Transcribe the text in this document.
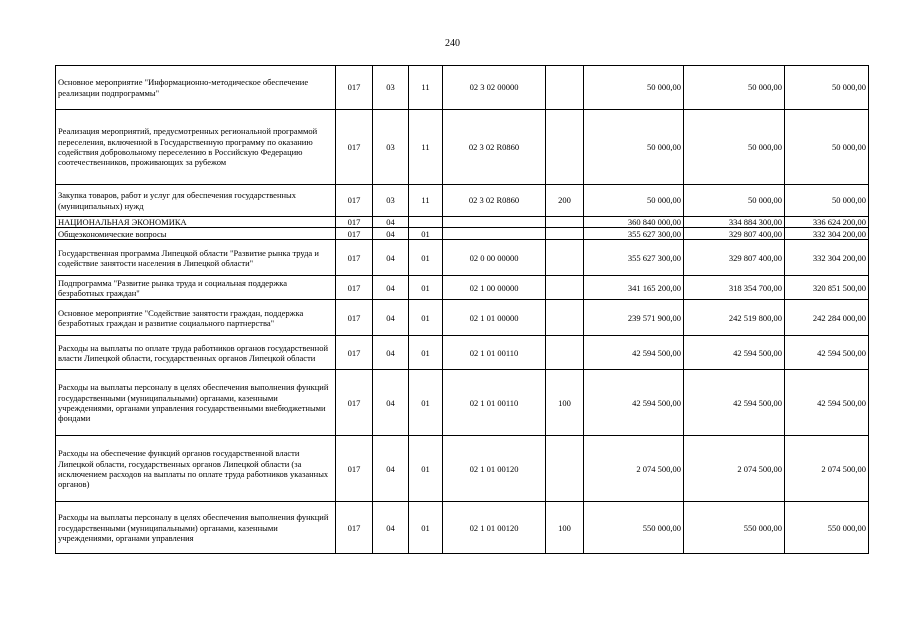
240
Основное мероприятие "Информационно-методическое обеспечение реализации подпрограммы"	017	03	11	02 3 02 00000		50 000,00	50 000,00	50 000,00
Реализация мероприятий, предусмотренных региональной программой переселения, включенной в Государственную программу по оказанию содействия добровольному переселению в Российскую Федерацию соотечественников, проживающих за рубежом	017	03	11	02 3 02 R0860		50 000,00	50 000,00	50 000,00
Закупка товаров, работ и услуг для обеспечения государственных (муниципальных) нужд	017	03	11	02 3 02 R0860	200	50 000,00	50 000,00	50 000,00
НАЦИОНАЛЬНАЯ ЭКОНОМИКА	017	04				360 840 000,00	334 884 300,00	336 624 200,00
Общеэкономические вопросы	017	04	01			355 627 300,00	329 807 400,00	332 304 200,00
Государственная программа Липецкой области "Развитие рынка труда и содействие занятости населения в Липецкой области"	017	04	01	02 0 00 00000		355 627 300,00	329 807 400,00	332 304 200,00
Подпрограмма "Развитие рынка труда и социальная поддержка безработных граждан"	017	04	01	02 1 00 00000		341 165 200,00	318 354 700,00	320 851 500,00
Основное мероприятие "Содействие занятости граждан, поддержка безработных граждан и развитие социального партнерства"	017	04	01	02 1 01 00000		239 571 900,00	242 519 800,00	242 284 000,00
Расходы на выплаты по оплате труда работников органов государственной власти Липецкой области, государственных органов Липецкой области	017	04	01	02 1 01 00110		42 594 500,00	42 594 500,00	42 594 500,00
Расходы на выплаты персоналу в целях обеспечения выполнения функций государственными (муниципальными) органами, казенными учреждениями, органами управления государственными внебюджетными фондами	017	04	01	02 1 01 00110	100	42 594 500,00	42 594 500,00	42 594 500,00
Расходы на обеспечение функций органов государственной власти Липецкой области, государственных органов Липецкой области (за исключением расходов на выплаты по оплате труда работников указанных органов)	017	04	01	02 1 01 00120		2 074 500,00	2 074 500,00	2 074 500,00
Расходы на выплаты персоналу в целях обеспечения выполнения функций государственными (муниципальными) органами, казенными учреждениями, органами управления	017	04	01	02 1 01 00120	100	550 000,00	550 000,00	550 000,00
